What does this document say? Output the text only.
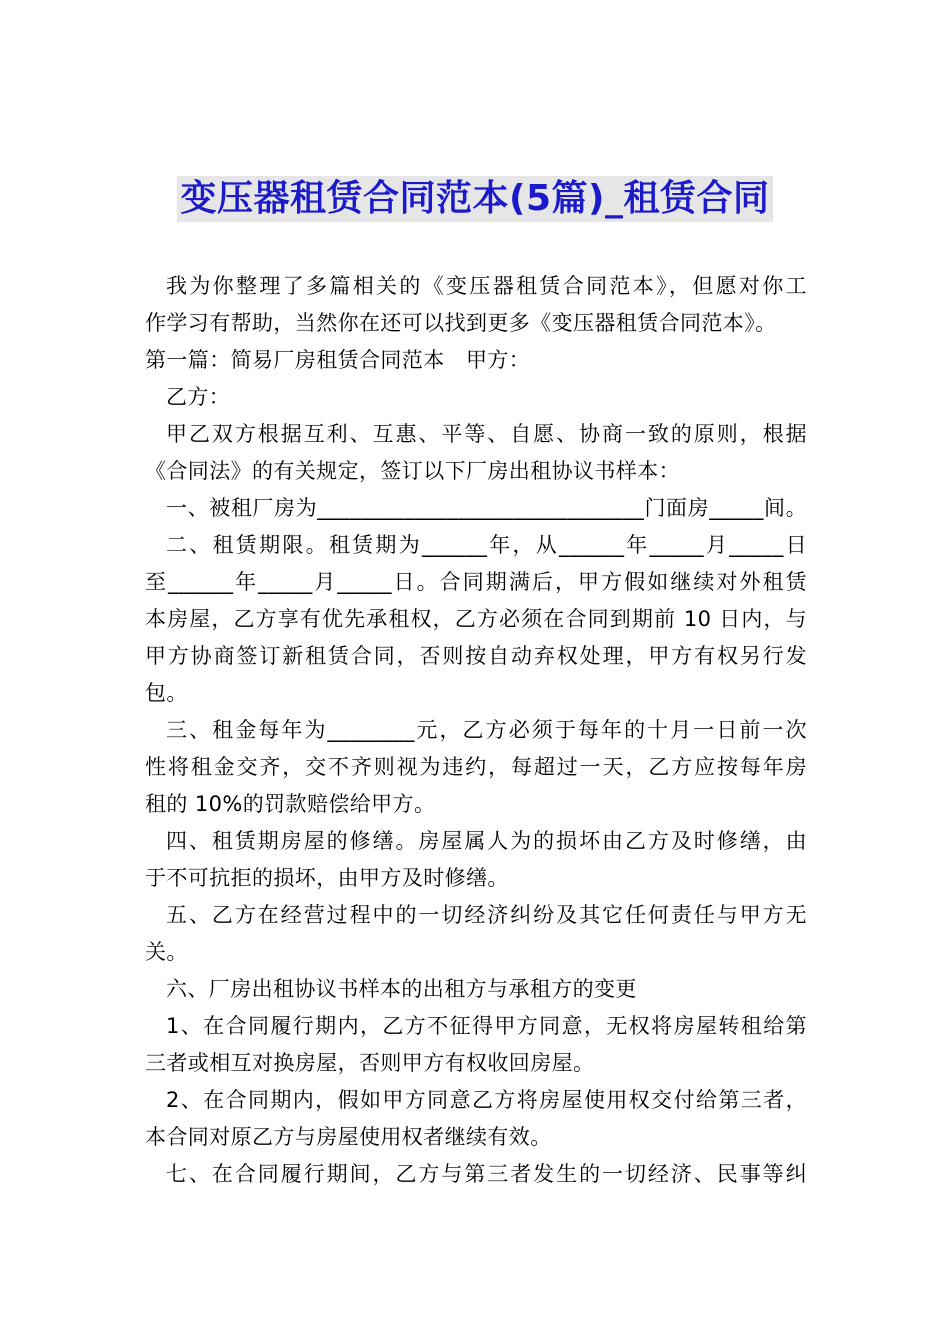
变压器租赁合同范本(5篇)_租赁合同
我为你整理了多篇相关的《变压器租赁合同范本》，但愿对你工
作学习有帮助，当然你在还可以找到更多《变压器租赁合同范本》。
第一篇：简易厂房租赁合同范本　甲方：
乙方：
甲乙双方根据互利、互惠、平等、自愿、协商一致的原则，根据
《合同法》的有关规定，签订以下厂房出租协议书样本：
一、被租厂房为______________________________门面房_____间。
二、租赁期限。租赁期为______年，从______年_____月_____日
至______年_____月_____日。合同期满后，甲方假如继续对外租赁
本房屋，乙方享有优先承租权，乙方必须在合同到期前 10 日内，与
甲方协商签订新租赁合同，否则按自动弃权处理，甲方有权另行发
包。
三、租金每年为________元，乙方必须于每年的十月一日前一次
性将租金交齐，交不齐则视为违约，每超过一天，乙方应按每年房
租的 10%的罚款赔偿给甲方。
四、租赁期房屋的修缮。房屋属人为的损坏由乙方及时修缮，由
于不可抗拒的损坏，由甲方及时修缮。
五、乙方在经营过程中的一切经济纠纷及其它任何责任与甲方无
关。
六、厂房出租协议书样本的出租方与承租方的变更
1、在合同履行期内，乙方不征得甲方同意，无权将房屋转租给第
三者或相互对换房屋，否则甲方有权收回房屋。
2、在合同期内，假如甲方同意乙方将房屋使用权交付给第三者，
本合同对原乙方与房屋使用权者继续有效。
七、在合同履行期间，乙方与第三者发生的一切经济、民事等纠
